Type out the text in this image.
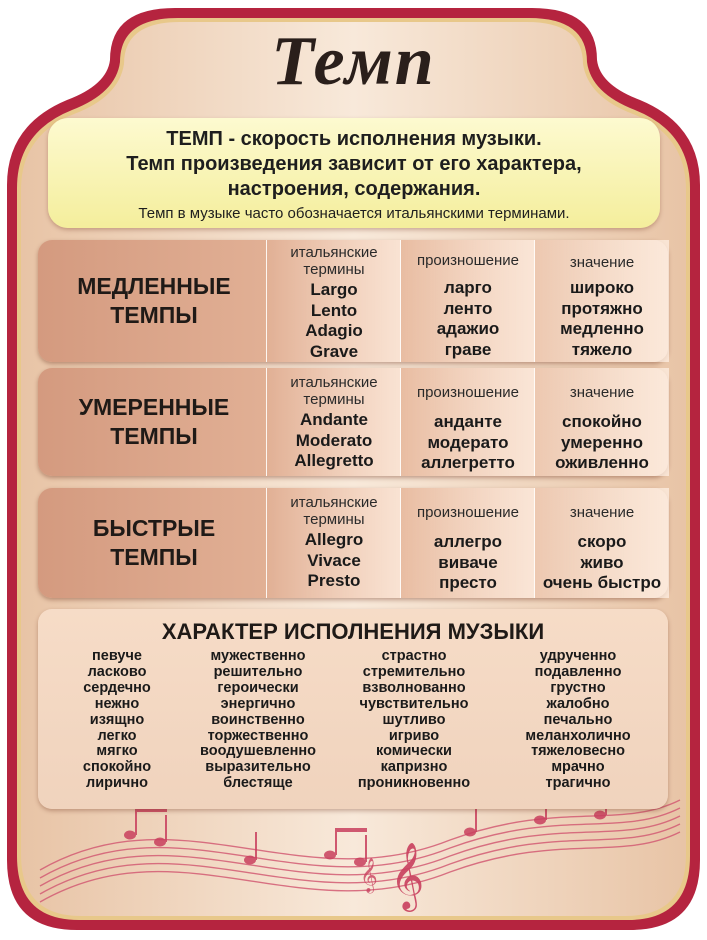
𝄞
𝄞
Темп
ТЕМП - скорость исполнения музыки.
Темп произведения зависит от его характера,
настроения, содержания.
Темп в музыке часто обозначается итальянскими терминами.
МЕДЛЕННЫЕ
ТЕМПЫ
итальянские
термины
Largo
Lento
Adagio
Grave
произношение
ларго
ленто
адажио
граве
значение
широко
протяжно
медленно
тяжело
УМЕРЕННЫЕ
ТЕМПЫ
итальянские
термины
Andante
Moderato
Allegretto
произношение
андантe
модерато
аллегретто
значение
спокойно
умеренно
оживленно
БЫСТРЫЕ
ТЕМПЫ
итальянские
термины
Allegro
Vivace
Presto
произношение
аллегро
виваче
престо
значение
скоро
живо
очень быстро
ХАРАКТЕР ИСПОЛНЕНИЯ МУЗЫКИ
певуче
ласково
сердечно
нежно
изящно
легко
мягко
спокойно
лирично
мужественно
решительно
героически
энергично
воинственно
торжественно
воодушевленно
выразительно
блестяще
страстно
стремительно
взволнованно
чувствительно
шутливо
игриво
комически
капризно
проникновенно
удрученно
подавленно
грустно
жалобно
печально
меланхолично
тяжеловесно
мрачно
трагично
